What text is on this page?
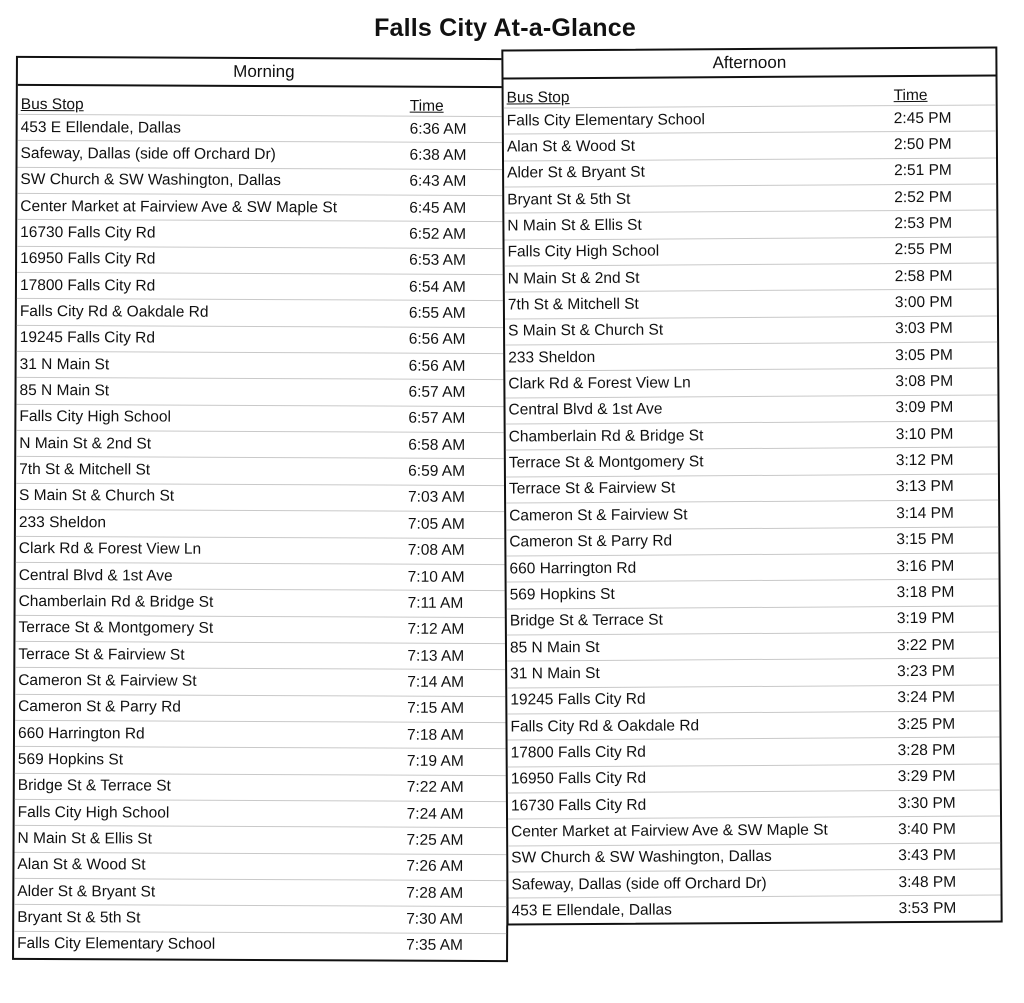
Falls City At-a-Glance
Morning
Bus Stop	Time
453 E Ellendale, Dallas	6:36 AM
Safeway, Dallas (side off Orchard Dr)	6:38 AM
SW Church & SW Washington, Dallas	6:43 AM
Center Market at Fairview Ave & SW Maple St	6:45 AM
16730 Falls City Rd	6:52 AM
16950 Falls City Rd	6:53 AM
17800 Falls City Rd	6:54 AM
Falls City Rd & Oakdale Rd	6:55 AM
19245 Falls City Rd	6:56 AM
31 N Main St	6:56 AM
85 N Main St	6:57 AM
Falls City High School	6:57 AM
N Main St & 2nd St	6:58 AM
7th St & Mitchell St	6:59 AM
S Main St & Church St	7:03 AM
233 Sheldon	7:05 AM
Clark Rd & Forest View Ln	7:08 AM
Central Blvd & 1st Ave	7:10 AM
Chamberlain Rd & Bridge St	7:11 AM
Terrace St & Montgomery St	7:12 AM
Terrace St & Fairview St	7:13 AM
Cameron St & Fairview St	7:14 AM
Cameron St & Parry Rd	7:15 AM
660 Harrington Rd	7:18 AM
569 Hopkins St	7:19 AM
Bridge St & Terrace St	7:22 AM
Falls City High School	7:24 AM
N Main St & Ellis St	7:25 AM
Alan St & Wood St	7:26 AM
Alder St & Bryant St	7:28 AM
Bryant St & 5th St	7:30 AM
Falls City Elementary School	7:35 AM
Afternoon
Bus Stop	Time
Falls City Elementary School	2:45 PM
Alan St & Wood St	2:50 PM
Alder St & Bryant St	2:51 PM
Bryant St & 5th St	2:52 PM
N Main St & Ellis St	2:53 PM
Falls City High School	2:55 PM
N Main St & 2nd St	2:58 PM
7th St & Mitchell St	3:00 PM
S Main St & Church St	3:03 PM
233 Sheldon	3:05 PM
Clark Rd & Forest View Ln	3:08 PM
Central Blvd & 1st Ave	3:09 PM
Chamberlain Rd & Bridge St	3:10 PM
Terrace St & Montgomery St	3:12 PM
Terrace St & Fairview St	3:13 PM
Cameron St & Fairview St	3:14 PM
Cameron St & Parry Rd	3:15 PM
660 Harrington Rd	3:16 PM
569 Hopkins St	3:18 PM
Bridge St & Terrace St	3:19 PM
85 N Main St	3:22 PM
31 N Main St	3:23 PM
19245 Falls City Rd	3:24 PM
Falls City Rd & Oakdale Rd	3:25 PM
17800 Falls City Rd	3:28 PM
16950 Falls City Rd	3:29 PM
16730 Falls City Rd	3:30 PM
Center Market at Fairview Ave & SW Maple St	3:40 PM
SW Church & SW Washington, Dallas	3:43 PM
Safeway, Dallas (side off Orchard Dr)	3:48 PM
453 E Ellendale, Dallas	3:53 PM
